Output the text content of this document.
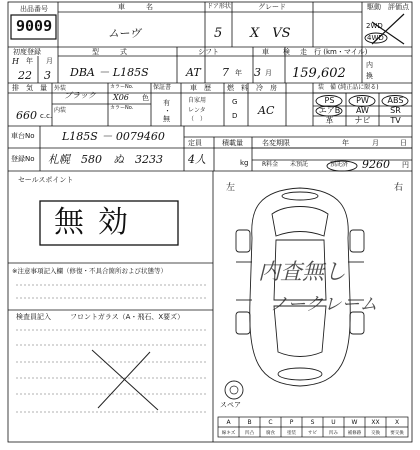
出品番号
9009
車　　　名
ムーヴ
ドア形状
5
グレード
X　VS
駆動
2WD
4WD
評価点
初度登録
H 年 月
22 3
型　　　式
DBA － L185S
シフト
AT
車　　検
7 年 3 月
走　行 (km・マイル)
159,602
内
換
排　気　量
660 c.c.
外装
ブラック
カラーNo.
X06
内装	カラーNo.
色
保証書
有
・
無
車　歴
自家用
レンタ
（　）
燃　料
G
D
冷　房
AC
装　備 (純正品に限る)
PS	PW	ABS
エアB	AW	SR
革	ナビ	TV
車台No L185S － 0079460
登録No 札幌　580　ぬ　3233
定員
4人
積載量
kg
名変期限	年	月	日
R料金 未預託	預託済 9260 円
セールスポイント
無効
※注意事項記入欄（修復・不具合箇所および状態等）
検査員記入	フロントガラス（A・飛石、X要ズ）
左	右
内査無し
ノークレーム
スペア
A	B	C	P	S	U	W	XX	X
線キズ	凹凸	腐食	塗装	サビ	凹み	補修跡	交換	要交換
